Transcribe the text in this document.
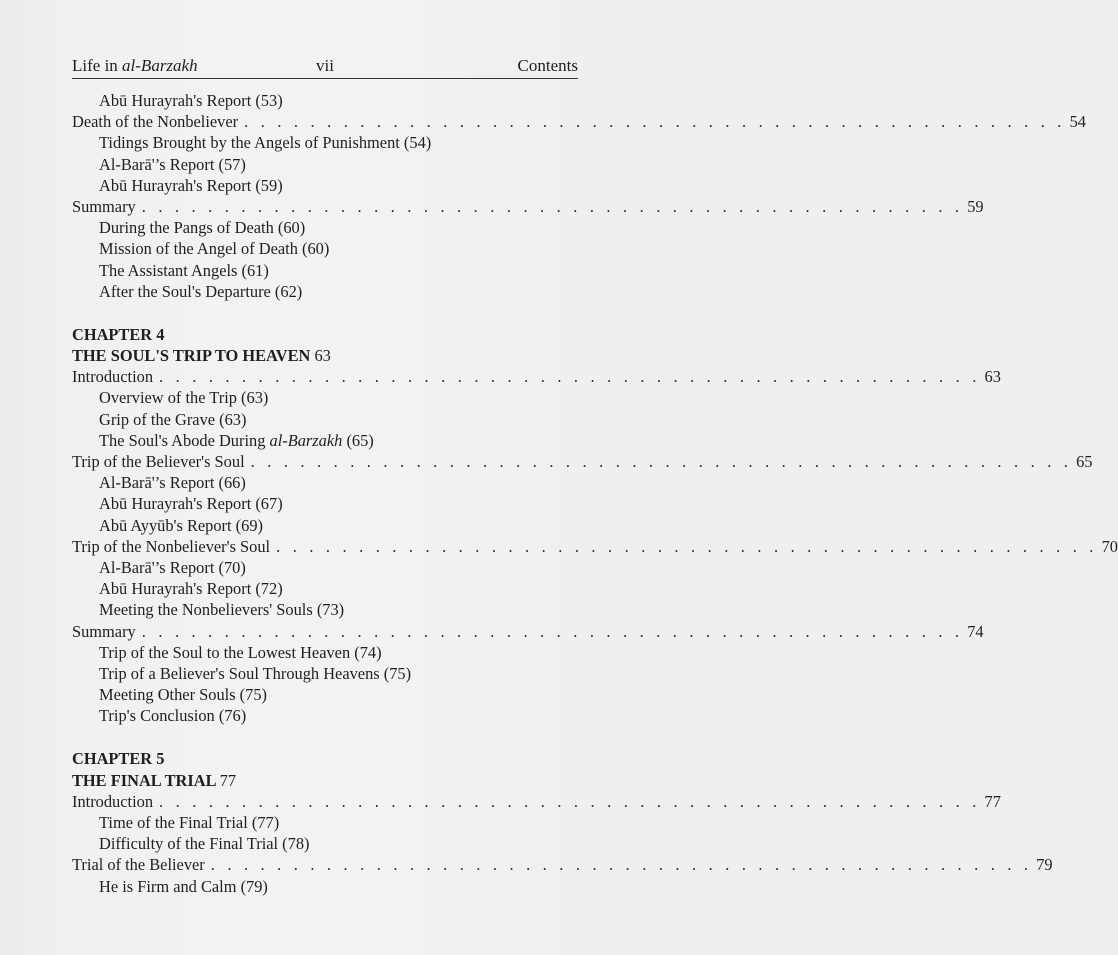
Life in al-Barzakh	vii	Contents
Abū Hurayrah's Report (53)
Death of the Nonbeliever . . . . . . . . . . . . . . . . . . . . . . . . . . . . . . . . . . . . . . . . . . . . . . . . . . 54
Tidings Brought by the Angels of Punishment (54)
Al-Barā'’s Report (57)
Abū Hurayrah's Report (59)
Summary . . . . . . . . . . . . . . . . . . . . . . . . . . . . . . . . . . . . . . . . . . . . . . . . . . 59
During the Pangs of Death (60)
Mission of the Angel of Death (60)
The Assistant Angels (61)
After the Soul's Departure (62)
CHAPTER 4
THE SOUL'S TRIP TO HEAVEN 63
Introduction . . . . . . . . . . . . . . . . . . . . . . . . . . . . . . . . . . . . . . . . . . . . . . . . . . 63
Overview of the Trip (63)
Grip of the Grave (63)
The Soul's Abode During al-Barzakh (65)
Trip of the Believer's Soul . . . . . . . . . . . . . . . . . . . . . . . . . . . . . . . . . . . . . . . . . . . . . . . . . . 65
Al-Barā'’s Report (66)
Abū Hurayrah's Report (67)
Abū Ayyūb's Report (69)
Trip of the Nonbeliever's Soul . . . . . . . . . . . . . . . . . . . . . . . . . . . . . . . . . . . . . . . . . . . . . . . . . . 70
Al-Barā'’s Report (70)
Abū Hurayrah's Report (72)
Meeting the Nonbelievers' Souls (73)
Summary . . . . . . . . . . . . . . . . . . . . . . . . . . . . . . . . . . . . . . . . . . . . . . . . . . 74
Trip of the Soul to the Lowest Heaven (74)
Trip of a Believer's Soul Through Heavens (75)
Meeting Other Souls (75)
Trip's Conclusion (76)
CHAPTER 5
THE FINAL TRIAL 77
Introduction . . . . . . . . . . . . . . . . . . . . . . . . . . . . . . . . . . . . . . . . . . . . . . . . . . 77
Time of the Final Trial (77)
Difficulty of the Final Trial (78)
Trial of the Believer . . . . . . . . . . . . . . . . . . . . . . . . . . . . . . . . . . . . . . . . . . . . . . . . . . 79
He is Firm and Calm (79)
